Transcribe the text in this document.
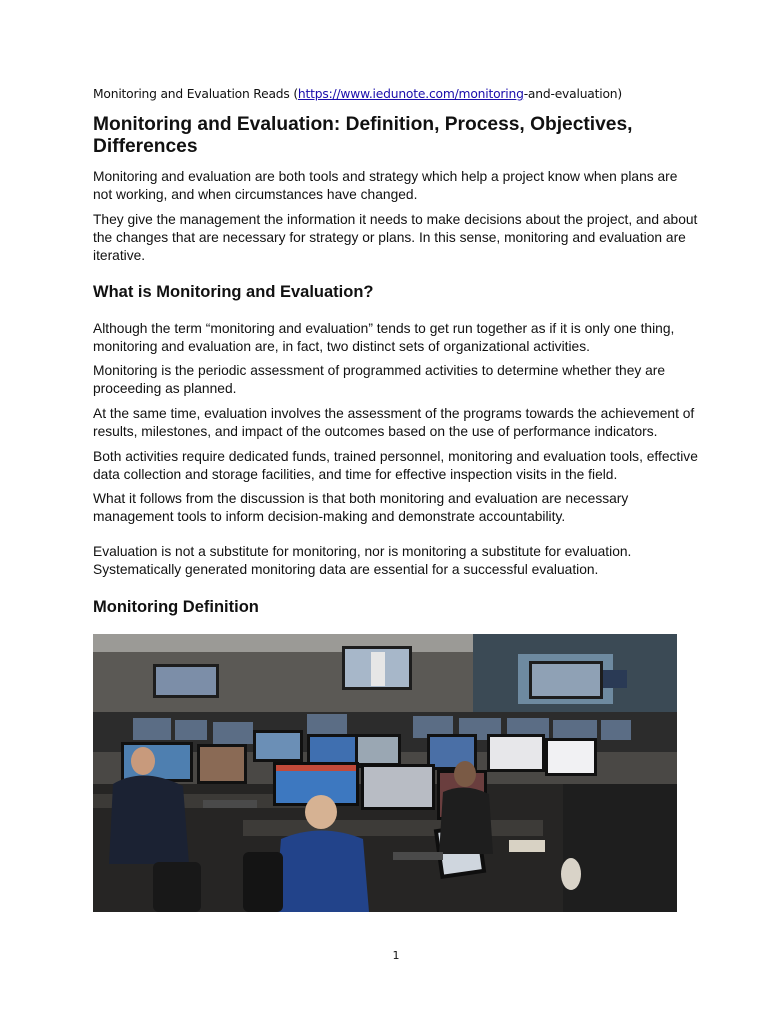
Monitoring and Evaluation Reads (https://www.iedunote.com/monitoring-and-evaluation)
Monitoring and Evaluation: Definition, Process, Objectives, Differences

Monitoring and evaluation are both tools and strategy which help a project know when plans are not working, and when circumstances have changed.

They give the management the information it needs to make decisions about the project, and about the changes that are necessary for strategy or plans. In this sense, monitoring and evaluation are iterative.

What is Monitoring and Evaluation?

Although the term “monitoring and evaluation” tends to get run together as if it is only one thing, monitoring and evaluation are, in fact, two distinct sets of organizational activities.

Monitoring is the periodic assessment of programmed activities to determine whether they are proceeding as planned.

At the same time, evaluation involves the assessment of the programs towards the achievement of results, milestones, and impact of the outcomes based on the use of performance indicators.

Both activities require dedicated funds, trained personnel, monitoring and evaluation tools, effective data collection and storage facilities, and time for effective inspection visits in the field.

What it follows from the discussion is that both monitoring and evaluation are necessary management tools to inform decision-making and demonstrate accountability.

Evaluation is not a substitute for monitoring, nor is monitoring a substitute for evaluation. Systematically generated monitoring data are essential for a successful evaluation.

Monitoring Definition
1
